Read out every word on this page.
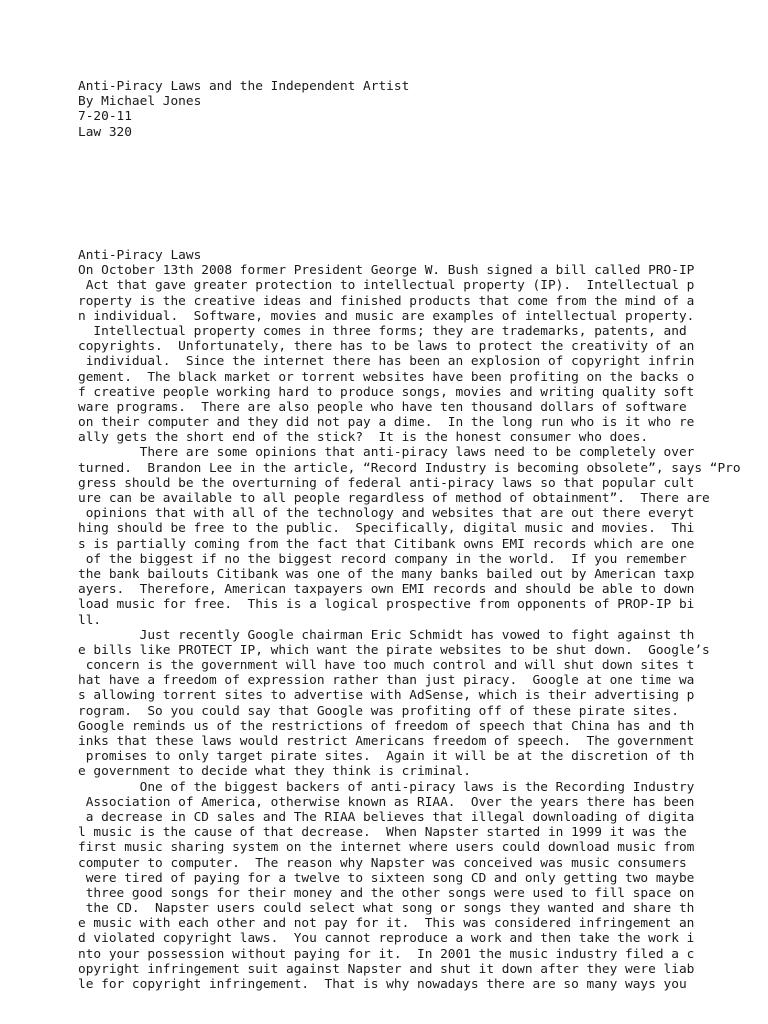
Anti-Piracy Laws and the Independent Artist
By Michael Jones
7-20-11
Law 320
Anti-Piracy Laws
On October 13th 2008 former President George W. Bush signed a bill called PRO-IP
Act that gave greater protection to intellectual property (IP).  Intellectual p
roperty is the creative ideas and finished products that come from the mind of a
n individual.  Software, movies and music are examples of intellectual property.
Intellectual property comes in three forms; they are trademarks, patents, and
copyrights.  Unfortunately, there has to be laws to protect the creativity of an
individual.  Since the internet there has been an explosion of copyright infrin
gement.  The black market or torrent websites have been profiting on the backs o
f creative people working hard to produce songs, movies and writing quality soft
ware programs.  There are also people who have ten thousand dollars of software
on their computer and they did not pay a dime.  In the long run who is it who re
ally gets the short end of the stick?  It is the honest consumer who does.
There are some opinions that anti-piracy laws need to be completely over
turned.  Brandon Lee in the article, “Record Industry is becoming obsolete”, says “Pro
gress should be the overturning of federal anti-piracy laws so that popular cult
ure can be available to all people regardless of method of obtainment”.  There are
opinions that with all of the technology and websites that are out there everyt
hing should be free to the public.  Specifically, digital music and movies.  Thi
s is partially coming from the fact that Citibank owns EMI records which are one
of the biggest if no the biggest record company in the world.  If you remember
the bank bailouts Citibank was one of the many banks bailed out by American taxp
ayers.  Therefore, American taxpayers own EMI records and should be able to down
load music for free.  This is a logical prospective from opponents of PROP-IP bi
ll.
Just recently Google chairman Eric Schmidt has vowed to fight against th
e bills like PROTECT IP, which want the pirate websites to be shut down.  Google’s
concern is the government will have too much control and will shut down sites t
hat have a freedom of expression rather than just piracy.  Google at one time wa
s allowing torrent sites to advertise with AdSense, which is their advertising p
rogram.  So you could say that Google was profiting off of these pirate sites.
Google reminds us of the restrictions of freedom of speech that China has and th
inks that these laws would restrict Americans freedom of speech.  The government
promises to only target pirate sites.  Again it will be at the discretion of th
e government to decide what they think is criminal.
One of the biggest backers of anti-piracy laws is the Recording Industry
Association of America, otherwise known as RIAA.  Over the years there has been
a decrease in CD sales and The RIAA believes that illegal downloading of digita
l music is the cause of that decrease.  When Napster started in 1999 it was the
first music sharing system on the internet where users could download music from
computer to computer.  The reason why Napster was conceived was music consumers
were tired of paying for a twelve to sixteen song CD and only getting two maybe
three good songs for their money and the other songs were used to fill space on
the CD.  Napster users could select what song or songs they wanted and share th
e music with each other and not pay for it.  This was considered infringement an
d violated copyright laws.  You cannot reproduce a work and then take the work i
nto your possession without paying for it.  In 2001 the music industry filed a c
opyright infringement suit against Napster and shut it down after they were liab
le for copyright infringement.  That is why nowadays there are so many ways you
